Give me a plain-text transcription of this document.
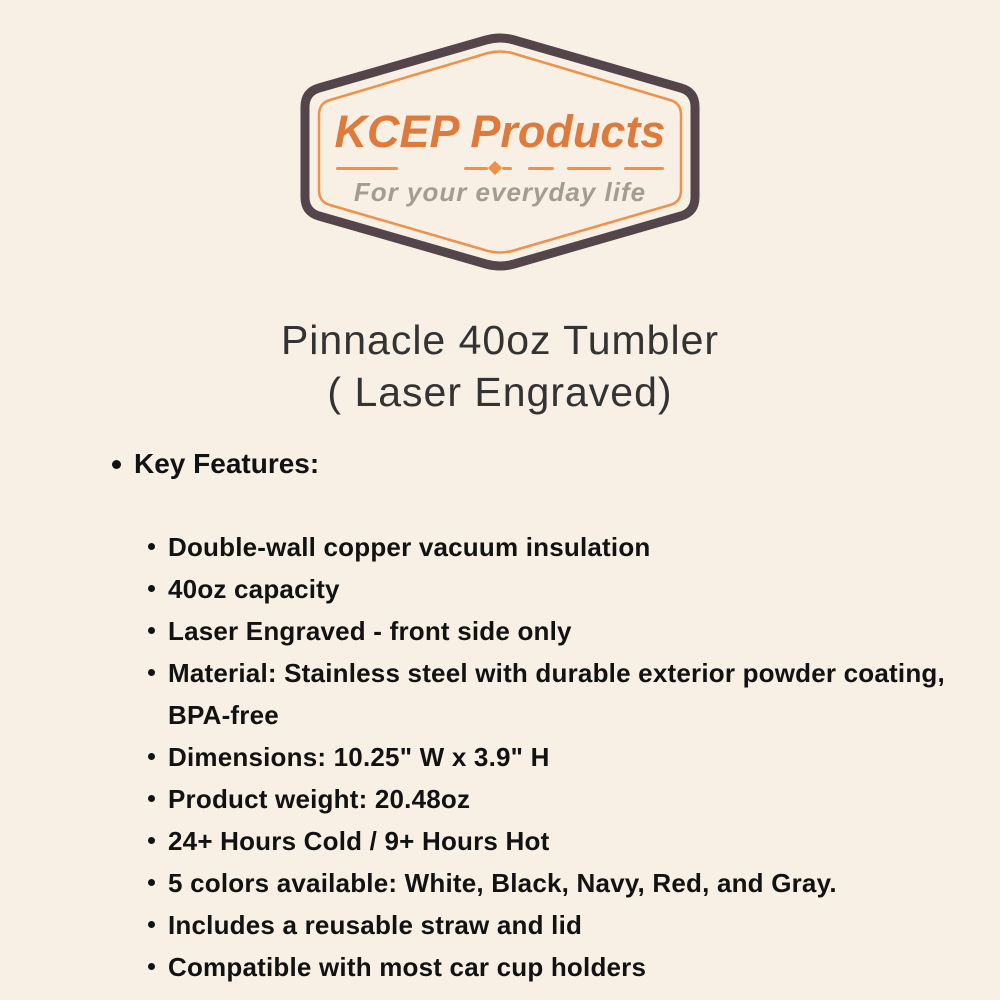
KCEP Products
For your everyday life
Pinnacle 40oz Tumbler
( Laser Engraved)
Key Features:
Double-wall copper vacuum insulation
40oz capacity
Laser Engraved - front side only
Material: Stainless steel with durable exterior powder coating, BPA-free
Dimensions: 10.25" W x 3.9" H
Product weight: 20.48oz
24+ Hours Cold / 9+ Hours Hot
5 colors available: White, Black, Navy, Red, and Gray.
Includes a reusable straw and lid
Compatible with most car cup holders
